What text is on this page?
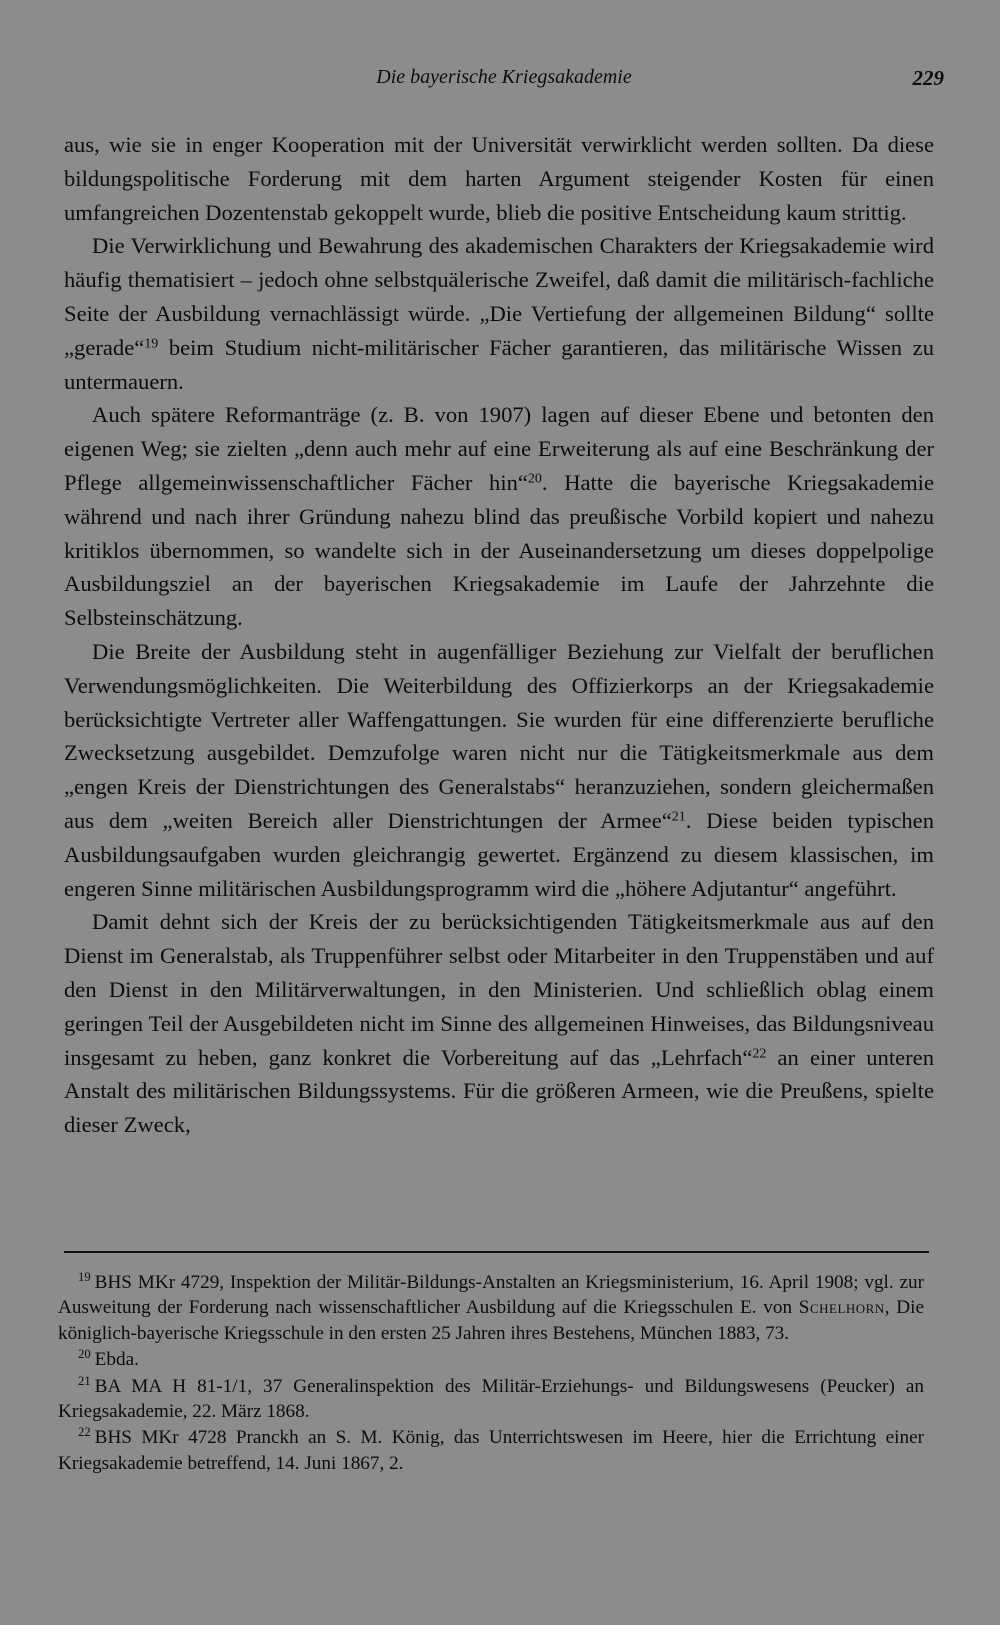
Die bayerische Kriegsakademie	229

aus, wie sie in enger Kooperation mit der Universität verwirklicht werden sollten. Da diese bildungspolitische Forderung mit dem harten Argument steigender Kosten für einen umfangreichen Dozentenstab gekoppelt wurde, blieb die positive Entscheidung kaum strittig.

Die Verwirklichung und Bewahrung des akademischen Charakters der Kriegsakademie wird häufig thematisiert – jedoch ohne selbstquälerische Zweifel, daß damit die militärisch-fachliche Seite der Ausbildung vernachlässigt würde. „Die Vertiefung der allgemeinen Bildung“ sollte „gerade“$^{19}$ beim Studium nicht-militärischer Fächer garantieren, das militärische Wissen zu untermauern.

Auch spätere Reformanträge (z. B. von 1907) lagen auf dieser Ebene und betonten den eigenen Weg; sie zielten „denn auch mehr auf eine Erweiterung als auf eine Beschränkung der Pflege allgemeinwissenschaftlicher Fächer hin“$^{20}$. Hatte die bayerische Kriegsakademie während und nach ihrer Gründung nahezu blind das preußische Vorbild kopiert und nahezu kritiklos übernommen, so wandelte sich in der Auseinandersetzung um dieses doppelpolige Ausbildungsziel an der bayerischen Kriegsakademie im Laufe der Jahrzehnte die Selbsteinschätzung.

Die Breite der Ausbildung steht in augenfälliger Beziehung zur Vielfalt der beruflichen Verwendungsmöglichkeiten. Die Weiterbildung des Offizierkorps an der Kriegsakademie berücksichtigte Vertreter aller Waffengattungen. Sie wurden für eine differenzierte berufliche Zwecksetzung ausgebildet. Demzufolge waren nicht nur die Tätigkeitsmerkmale aus dem „engen Kreis der Dienstrichtungen des Generalstabs“ heranzuziehen, sondern gleichermaßen aus dem „weiten Bereich aller Dienstrichtungen der Armee“$^{21}$. Diese beiden typischen Ausbildungsaufgaben wurden gleichrangig gewertet. Ergänzend zu diesem klassischen, im engeren Sinne militärischen Ausbildungsprogramm wird die „höhere Adjutantur“ angeführt.

Damit dehnt sich der Kreis der zu berücksichtigenden Tätigkeitsmerkmale aus auf den Dienst im Generalstab, als Truppenführer selbst oder Mitarbeiter in den Truppenstäben und auf den Dienst in den Militärverwaltungen, in den Ministerien. Und schließlich oblag einem geringen Teil der Ausgebildeten nicht im Sinne des allgemeinen Hinweises, das Bildungsniveau insgesamt zu heben, ganz konkret die Vorbereitung auf das „Lehrfach“$^{22}$ an einer unteren Anstalt des militärischen Bildungssystems. Für die größeren Armeen, wie die Preußens, spielte dieser Zweck,

$^{19}$ BHS MKr 4729, Inspektion der Militär-Bildungs-Anstalten an Kriegsministerium, 16. April 1908; vgl. zur Ausweitung der Forderung nach wissenschaftlicher Ausbildung auf die Kriegsschulen E. von Schelhorn, Die königlich-bayerische Kriegsschule in den ersten 25 Jahren ihres Bestehens, München 1883, 73.

$^{20}$ Ebda.

$^{21}$ BA MA H 81-1/1, 37 Generalinspektion des Militär-Erziehungs- und Bildungswesens (Peucker) an Kriegsakademie, 22. März 1868.

$^{22}$ BHS MKr 4728 Pranckh an S. M. König, das Unterrichtswesen im Heere, hier die Errichtung einer Kriegsakademie betreffend, 14. Juni 1867, 2.
